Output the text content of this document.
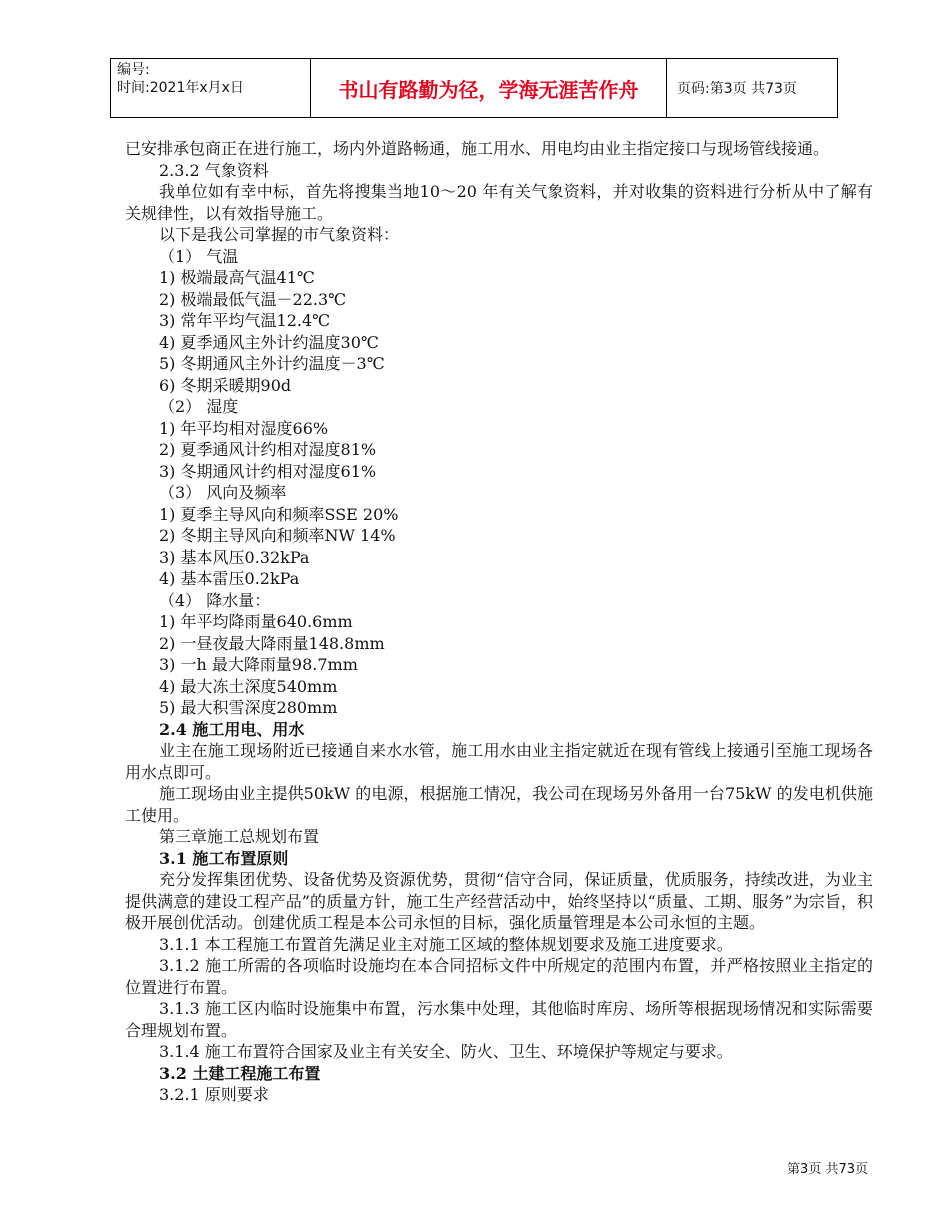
编号:
时间:2021年x月x日	书山有路勤为径，学海无涯苦作舟	页码:第3页 共73页

已安排承包商正在进行施工，场内外道路畅通，施工用水、用电均由业主指定接口与现场管线接通。

2.3.2 气象资料

我单位如有幸中标，首先将搜集当地10～20 年有关气象资料，并对收集的资料进行分析从中了解有关规律性，以有效指导施工。

以下是我公司掌握的市气象资料：

（1） 气温

1) 极端最高气温41℃

2) 极端最低气温－22.3℃

3) 常年平均气温12.4℃

4) 夏季通风主外计约温度30℃

5) 冬期通风主外计约温度－3℃

6) 冬期采暖期90d

（2） 湿度

1) 年平均相对湿度66%

2) 夏季通风计约相对湿度81%

3) 冬期通风计约相对湿度61%

（3） 风向及频率

1) 夏季主导风向和频率SSE 20%

2) 冬期主导风向和频率NW 14%

3) 基本风压0.32kPa

4) 基本雷压0.2kPa

（4） 降水量：

1) 年平均降雨量640.6mm

2) 一昼夜最大降雨量148.8mm

3) 一h 最大降雨量98.7mm

4) 最大冻土深度540mm

5) 最大积雪深度280mm

2.4 施工用电、用水

业主在施工现场附近已接通自来水水管，施工用水由业主指定就近在现有管线上接通引至施工现场各用水点即可。

施工现场由业主提供50kW 的电源，根据施工情况，我公司在现场另外备用一台75kW 的发电机供施工使用。

第三章施工总规划布置

3.1 施工布置原则

充分发挥集团优势、设备优势及资源优势，贯彻“信守合同，保证质量，优质服务，持续改进，为业主提供满意的建设工程产品”的质量方针，施工生产经营活动中，始终坚持以“质量、工期、服务”为宗旨，积极开展创优活动。创建优质工程是本公司永恒的目标，强化质量管理是本公司永恒的主题。

3.1.1 本工程施工布置首先满足业主对施工区域的整体规划要求及施工进度要求。

3.1.2 施工所需的各项临时设施均在本合同招标文件中所规定的范围内布置，并严格按照业主指定的位置进行布置。

3.1.3 施工区内临时设施集中布置，污水集中处理，其他临时库房、场所等根据现场情况和实际需要合理规划布置。

3.1.4 施工布置符合国家及业主有关安全、防火、卫生、环境保护等规定与要求。

3.2 土建工程施工布置

3.2.1 原则要求

第3页 共73页
